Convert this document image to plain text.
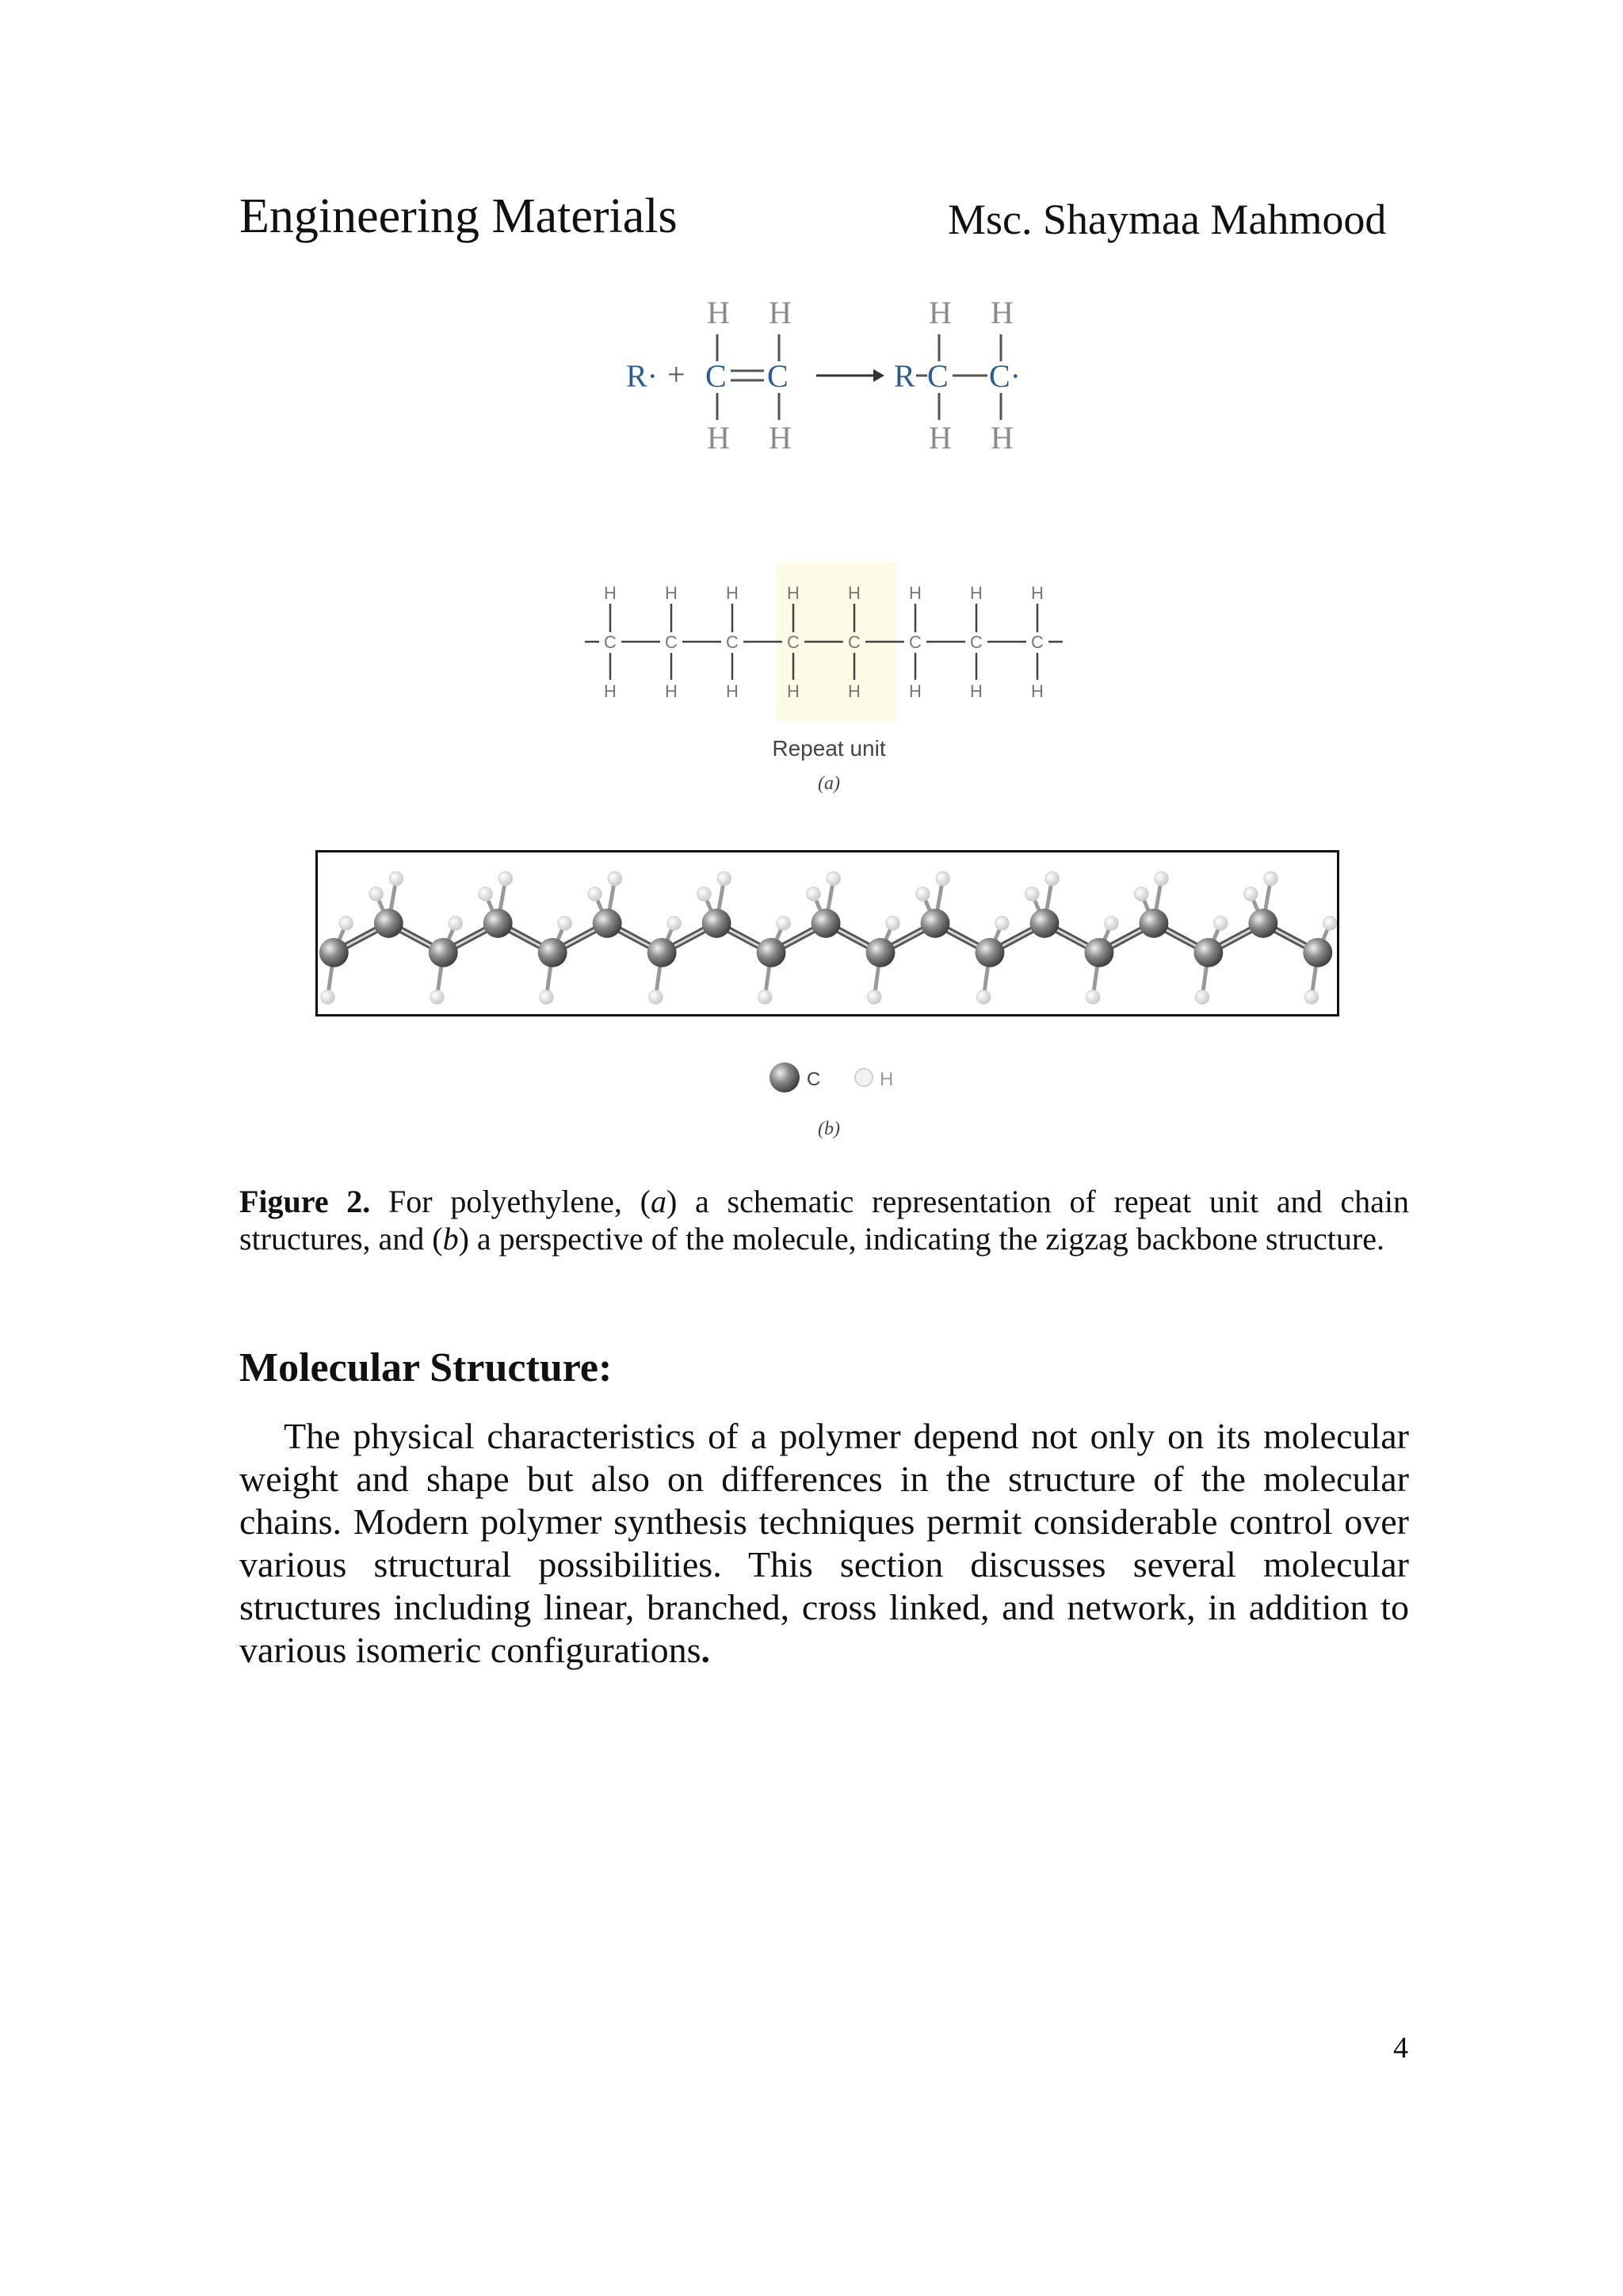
Engineering Materials	Msc. Shaymaa Mahmood
H H	H H
R· + C C	R C C·
H H	H H
H
C
H
H
C
H
H
C
H
H
C
H
H
C
H
H
C
H
H
C
H
H
C
H
Repeat unit
(a)
C	H
(b)
Figure 2. For polyethylene, (a) a schematic representation of repeat unit and chain structures, and (b) a perspective of the molecule, indicating the zigzag backbone structure.
Molecular Structure:
The physical characteristics of a polymer depend not only on its molecular weight and shape but also on differences in the structure of the molecular chains. Modern polymer synthesis techniques permit considerable control over various structural possibilities. This section discusses several molecular structures including linear, branched, cross linked, and network, in addition to various isomeric configurations.
4
